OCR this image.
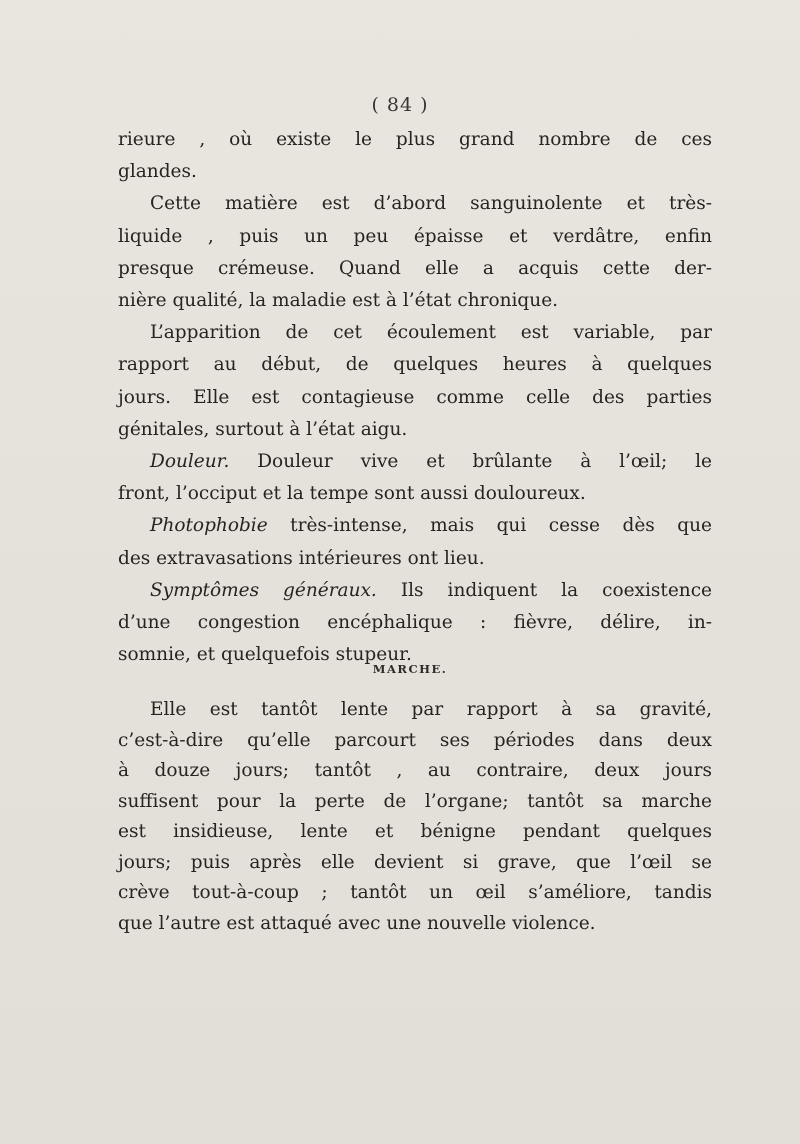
( 84 )
rieure , où existe le plus grand nombre de ces
glandes.
Cette matière est d’abord sanguinolente et très-
liquide , puis un peu épaisse et verdâtre, enfin
presque crémeuse. Quand elle a acquis cette der-
nière qualité, la maladie est à l’état chronique.
L’apparition de cet écoulement est variable, par
rapport au début, de quelques heures à quelques
jours. Elle est contagieuse comme celle des parties
génitales, surtout à l’état aigu.
Douleur. Douleur vive et brûlante à l’œil; le
front, l’occiput et la tempe sont aussi douloureux.
Photophobie très-intense, mais qui cesse dès que
des extravasations intérieures ont lieu.
Symptômes généraux. Ils indiquent la coexistence
d’une congestion encéphalique : fièvre, délire, in-
somnie, et quelquefois stupeur.
MARCHE.
Elle est tantôt lente par rapport à sa gravité,
c’est-à-dire qu’elle parcourt ses périodes dans deux
à douze jours; tantôt , au contraire, deux jours
suffisent pour la perte de l’organe; tantôt sa marche
est insidieuse, lente et bénigne pendant quelques
jours; puis après elle devient si grave, que l’œil se
crève tout-à-coup ; tantôt un œil s’améliore, tandis
que l’autre est attaqué avec une nouvelle violence.
